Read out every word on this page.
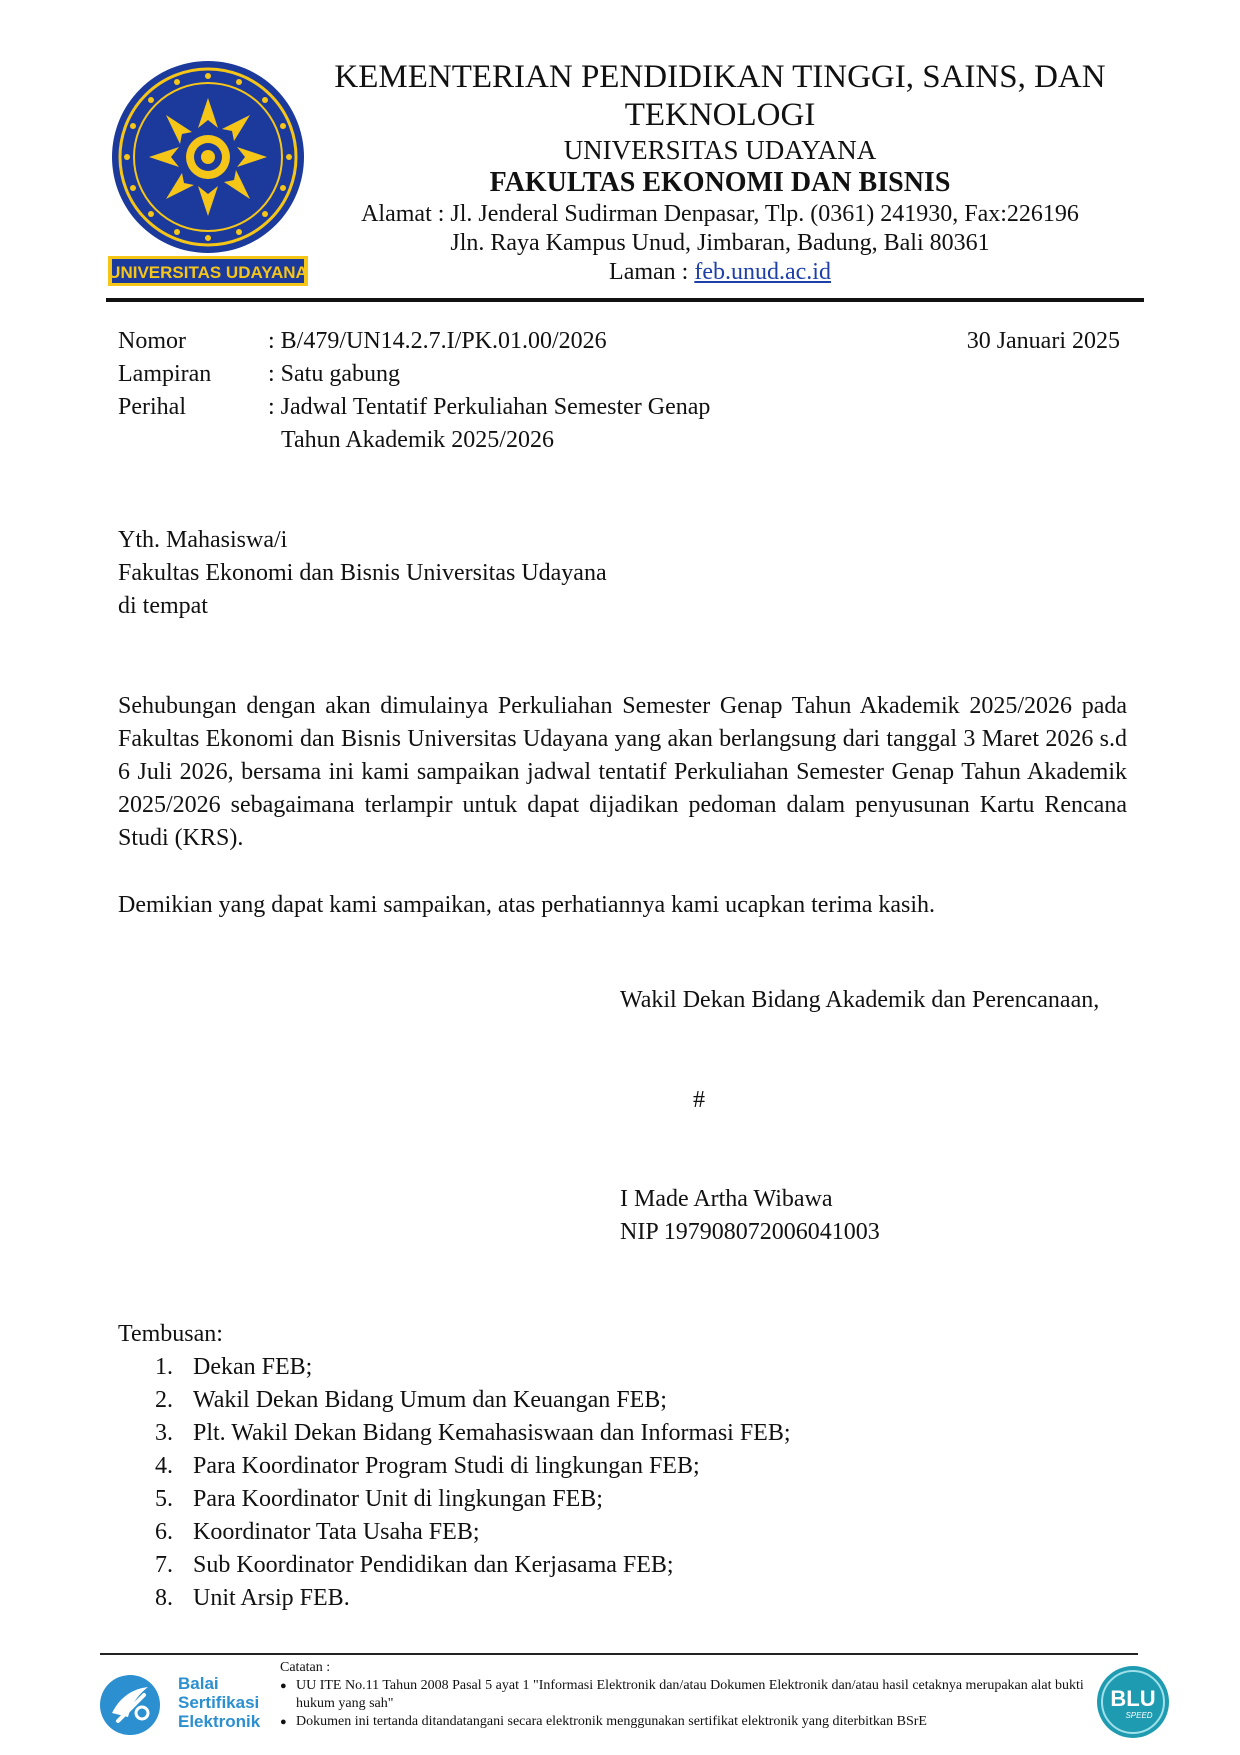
UNIVERSITAS UDAYANA
KEMENTERIAN PENDIDIKAN TINGGI, SAINS, DAN TEKNOLOGI
UNIVERSITAS UDAYANA
FAKULTAS EKONOMI DAN BISNIS
Alamat : Jl. Jenderal Sudirman Denpasar, Tlp. (0361) 241930, Fax:226196
Jln. Raya Kampus Unud, Jimbaran, Badung, Bali 80361
Laman : feb.unud.ac.id
Nomor	: B/479/UN14.2.7.I/PK.01.00/2026	30 Januari 2025
Lampiran : Satu gabung
Perihal	: Jadwal Tentatif Perkuliahan Semester Genap
Tahun Akademik 2025/2026
Yth. Mahasiswa/i
Fakultas Ekonomi dan Bisnis Universitas Udayana
di tempat

Sehubungan dengan akan dimulainya Perkuliahan Semester Genap Tahun Akademik 2025/2026 pada Fakultas Ekonomi dan Bisnis Universitas Udayana yang akan berlangsung dari tanggal 3 Maret 2026 s.d 6 Juli 2026, bersama ini kami sampaikan jadwal tentatif Perkuliahan Semester Genap Tahun Akademik 2025/2026 sebagaimana terlampir untuk dapat dijadikan pedoman dalam penyusunan Kartu Rencana Studi (KRS).

Demikian yang dapat kami sampaikan, atas perhatiannya kami ucapkan terima kasih.

Wakil Dekan Bidang Akademik dan Perencanaan,
#
I Made Artha Wibawa
NIP 197908072006041003
Tembusan:
1. Dekan FEB;
2. Wakil Dekan Bidang Umum dan Keuangan FEB;
3. Plt. Wakil Dekan Bidang Kemahasiswaan dan Informasi FEB;
4. Para Koordinator Program Studi di lingkungan FEB;
5. Para Koordinator Unit di lingkungan FEB;
6. Koordinator Tata Usaha FEB;
7. Sub Koordinator Pendidikan dan Kerjasama FEB;
8. Unit Arsip FEB.
Balai
Sertifikasi
Elektronik
Catatan :
● UU ITE No.11 Tahun 2008 Pasal 5 ayat 1 "Informasi Elektronik dan/atau Dokumen Elektronik dan/atau hasil cetaknya merupakan alat bukti hukum yang sah"
● Dokumen ini tertanda ditandatangani secara elektronik menggunakan sertifikat elektronik yang diterbitkan BSrE
BLU
SPEED
